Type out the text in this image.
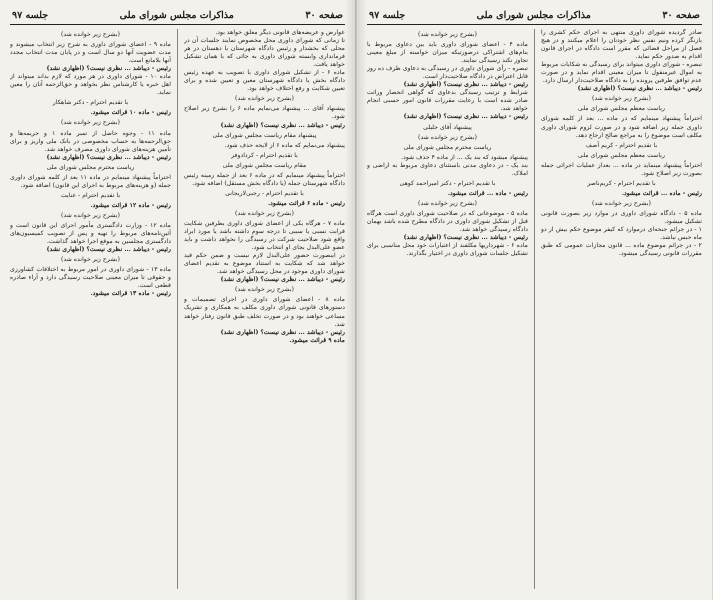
صفحه ۳۰
مذاکرات مجلس شورای ملی
جلسه ۹۷

عوارض و عریضه‌های قانونی دیگر معلق خواهد بود.

تا زمانی که شورای داوری محل مخصوص نمایند جلسات آن در محلی که بخشدار و رئیس دادگاه شهرستان یا دهستان در هر فرمانداری وابسته شورای داوری به جائی که با همان تشکیل خواهد یافت.

ماده ۶ - از تشکیل شورای داوری با تصویب به عهده رئیس دادگاه بخش یا دادگاه شهرستان معین و تعیین شده و برای تعیین شکایت و رفع اختلاف خواهد بود.

(بشرح زیر خوانده شد)

پیشنهاد آقای ... پیشنهاد می‌نمایم ماده ۶ را بشرح زیر اصلاح شود.

رئیس - دیباشد ... نظری نیست؟ (اظهاری نشد)

پیشنهاد مقام ریاست مجلس شورای ملی

پیشنهاد می‌نمایم که ماده ۶ از لایحه حذف شود.

با تقدیم احترام - کردادوفر

مقام ریاست مجلس شورای ملی

احتراماً پیشنهاد مینمایم که در ماده ۶ بعد از جمله زمینه رئیس دادگاه شهرستان جمله (یا دادگاه بخش مستقل) اضافه شود.

با تقدیم احترام - رجبی‌لاریجانی

رئیس - ماده ۶ قرائت میشود.

(بشرح زیر خوانده شد)

ماده ۷ - هرگاه یکی از اعضای شورای داوری بطرفین شکایت قرابت نسبی یا سببی تا درجه سوم داشته باشد یا مورد ایراد واقع شود صلاحیت شرکت در رسیدگی را نخواهد داشت و باید عضو علی‌البدل بجای او انتخاب شود.

در اینصورت حضور علی‌البدل لازم نیست و ضمن حکم قید خواهد شد که شکایت به استناد موضوع به تقدیم اعضای شورای داوری موجود در محل رسیدگی خواهد شد.

رئیس - دیباشد ... نظری نیست؟ (اظهاری نشد)

(بشرح زیر خوانده شد)

ماده ۸ - اعضای شورای داوری در اجرای تصمیمات و دستورهای قانونی شورای داوری مکلف به همکاری و تشریک مساعی خواهند بود و در صورت تخلف طبق قانون رفتار خواهد شد.

رئیس - دیباشد ... نظری نیست؟ (اظهاری نشد)

ماده ۹ قرائت میشود.

(بشرح زیر خوانده شد)

ماده ۹ - اعضای شورای داوری به شرح زیر انتخاب میشوند و مدت عضویت آنها دو سال است و در پایان مدت انتخاب مجدد آنها بلامانع است.

رئیس - دیباشد ... نظری نیست؟ (اظهاری نشد)

ماده ۱۰ - شورای داوری در هر مورد که لازم بداند میتواند از اهل خبره یا کارشناس نظر بخواهد و حق‌الزحمه آنان را معین نماید.

با تقدیم احترام - دکتر شاهکار

رئیس - ماده ۱۰ قرائت میشود.

(بشرح زیر خوانده شد)

ماده ۱۱ - وجوه حاصل از تمبر ماده ۱ و جریمه‌ها و حق‌الزحمه‌ها به حساب مخصوصی در بانک ملی واریز و برای تأمین هزینه‌های شورای داوری مصرف خواهد شد.

رئیس - دیباشد ... نظری نیست؟ (اظهاری نشد)

ریاست محترم مجلس شورای ملی

احتراماً پیشنهاد مینمایم در ماده ۱۱ بعد از کلمه شورای داوری جمله (و هزینه‌های مربوط به اجرای این قانون) اضافه شود.

با تقدیم احترام - عنایت

رئیس - ماده ۱۲ قرائت میشود.

(بشرح زیر خوانده شد)

ماده ۱۲ - وزارت دادگستری مأمور اجرای این قانون است و آئین‌نامه‌های مربوط را تهیه و پس از تصویب کمیسیون‌های دادگستری مجلسین به موقع اجرا خواهد گذاشت.

رئیس - دیباشد ... نظری نیست؟ (اظهاری نشد)

(بشرح زیر خوانده شد)

ماده ۱۳ - شورای داوری در امور مربوط به اختلافات کشاورزی و حقوقی تا میزان معینی صلاحیت رسیدگی دارد و آراء صادره قطعی است.

رئیس - ماده ۱۳ قرائت میشود.

صفحه ۳۰
مذاکرات مجلس شورای ملی
جلسه ۹۷

صادر گردیده شورای داوری منتهی به اجرای حکم کشری را بازنگر کرده ونیم نفس نظر خودتان را اعلام میکنند و در هیچ فصل از مراحل قضائی که مقرر است دادگاه در اجرای قانون اقدام به صدور حکم نماید.

تبصره - شورای داوری میتواند برای رسیدگی به شکایات مربوط به اموال غیرمنقول تا میزان معینی اقدام نماید و در صورت عدم توافق طرفین پرونده را به دادگاه صلاحیت‌دار ارسال دارد.

رئیس - دیباشد ... نظری نیست؟ (اظهاری نشد)

(بشرح زیر خوانده شد)

ریاست معظم مجلس شورای ملی

احتراماً پیشنهاد مینمایم که در ماده ... بعد از کلمه شورای داوری جمله زیر اضافه شود و در صورت لزوم شورای داوری مکلف است موضوع را به مراجع صالح ارجاع دهد.

با تقدیم احترام - کریم آصف

ریاست معظم مجلس شورای ملی

احتراماً پیشنهاد مینماید در ماده ... بعداز عملیات اجرائی جمله بصورت زیر اصلاح شود.

با تقدیم احترام - کریم‌ناصر

رئیس - ماده ... قرائت میشود.

(بشرح زیر خوانده شد)

ماده ۵ - دادگاه شورای داوری در موارد زیر بصورت قانونی تشکیل میشود.

۱ - در جرائم جنحه‌ای درموارد که کیفر موضوع حکم بیش از دو ماه حبس نباشد.

۲ - در جرائم موضوع ماده ... قانون مجازات عمومی که طبق مقررات قانونی رسیدگی میشود.

(بشرح زیر خوانده شد)

ماده ۴ - اعضای شورای داوری باید بین دعاوی مربوط با بنام‌های اشتراکی درصورتیکه میزان خواسته از مبلغ معینی تجاوز نکند رسیدگی نمایند.

تبصره - رأی شورای داوری در رسیدگی به دعاوی ظرف ده روز قابل اعتراض در دادگاه صلاحیت‌دار است.

رئیس - دیباشد ... نظری نیست؟ (اظهاری نشد)

شرایط و ترتیب رسیدگی بدعاوی که گواهی انحصار وراثت صادر شده است با رعایت مقررات قانون امور حسبی انجام خواهد شد.

رئیس - دیباشد ... نظری نیست؟ (اظهاری نشد)

پیشنهاد آقای جلیلی

(بشرح زیر خوانده شد)

ریاست محترم مجلس شورای ملی

پیشنهاد میشود که بند یک ... از ماده ۴ حذف شود.

بند یک - در دعاوی مدنی باستثنای دعاوی مربوط به اراضی و املاک.

با تقدیم احترام - دکتر امیر‌احمد کوهی

رئیس - ماده ... قرائت میشود.

(بشرح زیر خوانده شد)

ماده ۵ - موضوعاتی که در صلاحیت شورای داوری است هرگاه قبل از تشکیل شورای داوری در دادگاه مطرح شده باشد بهمان دادگاه رسیدگی خواهد شد.

رئیس - دیباشد ... نظری نیست؟ (اظهاری نشد)

ماده ۶ - شهرداریها مکلفند از اعتبارات خود محل مناسبی برای تشکیل جلسات شورای داوری در اختیار بگذارند.
